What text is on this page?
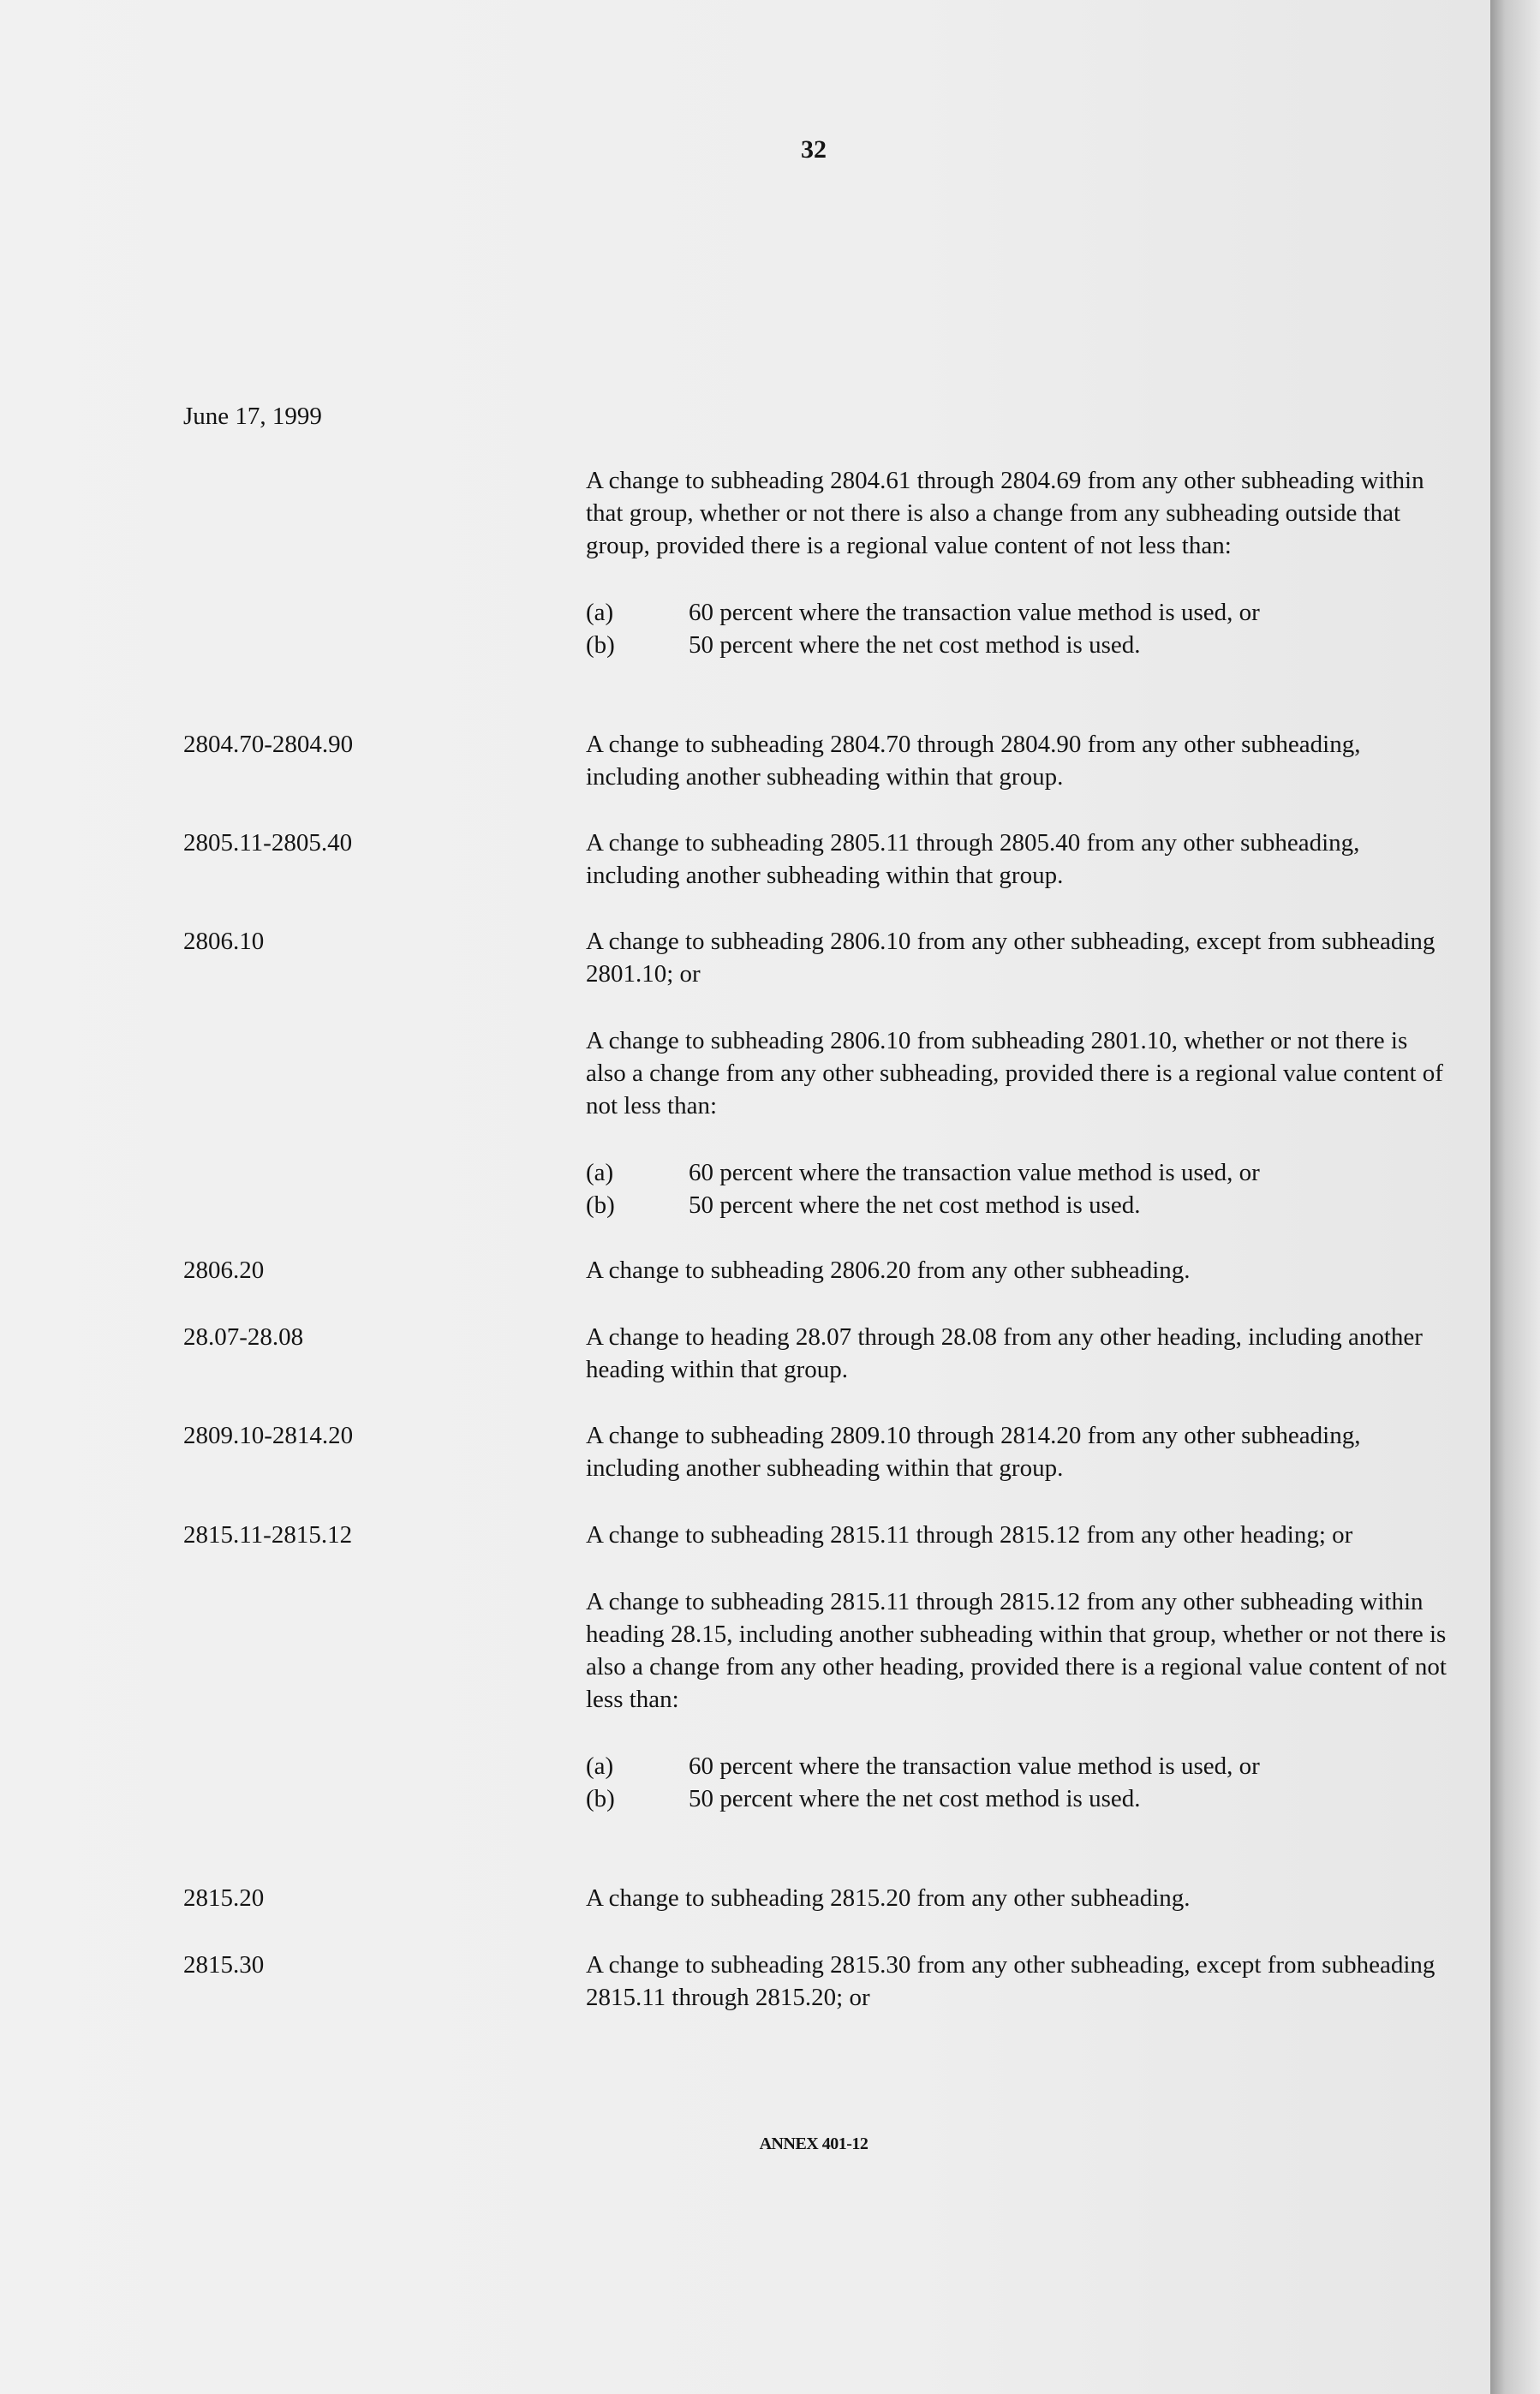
32
June 17, 1999

A change to subheading 2804.61 through 2804.69 from any other subheading within that group, whether or not there is also a change from any subheading outside that group, provided there is a regional value content of not less than:

(a)	60 percent where the transaction value method is used, or
(b)	50 percent where the net cost method is used.
2804.70-2804.90	A change to subheading 2804.70 through 2804.90 from any other subheading, including another subheading within that group.

2805.11-2805.40	A change to subheading 2805.11 through 2805.40 from any other subheading, including another subheading within that group.

2806.10	A change to subheading 2806.10 from any other subheading, except from subheading 2801.10; or

A change to subheading 2806.10 from subheading 2801.10, whether or not there is also a change from any other subheading, provided there is a regional value content of not less than:

(a)	60 percent where the transaction value method is used, or
(b)	50 percent where the net cost method is used.
2806.20	A change to subheading 2806.20 from any other subheading.

28.07-28.08	A change to heading 28.07 through 28.08 from any other heading, including another heading within that group.

2809.10-2814.20	A change to subheading 2809.10 through 2814.20 from any other subheading, including another subheading within that group.

2815.11-2815.12	A change to subheading 2815.11 through 2815.12 from any other heading; or

A change to subheading 2815.11 through 2815.12 from any other subheading within heading 28.15, including another subheading within that group, whether or not there is also a change from any other heading, provided there is a regional value content of not less than:

(a)	60 percent where the transaction value method is used, or
(b)	50 percent where the net cost method is used.
2815.20	A change to subheading 2815.20 from any other subheading.

2815.30	A change to subheading 2815.30 from any other subheading, except from subheading 2815.11 through 2815.20; or

ANNEX 401-12
